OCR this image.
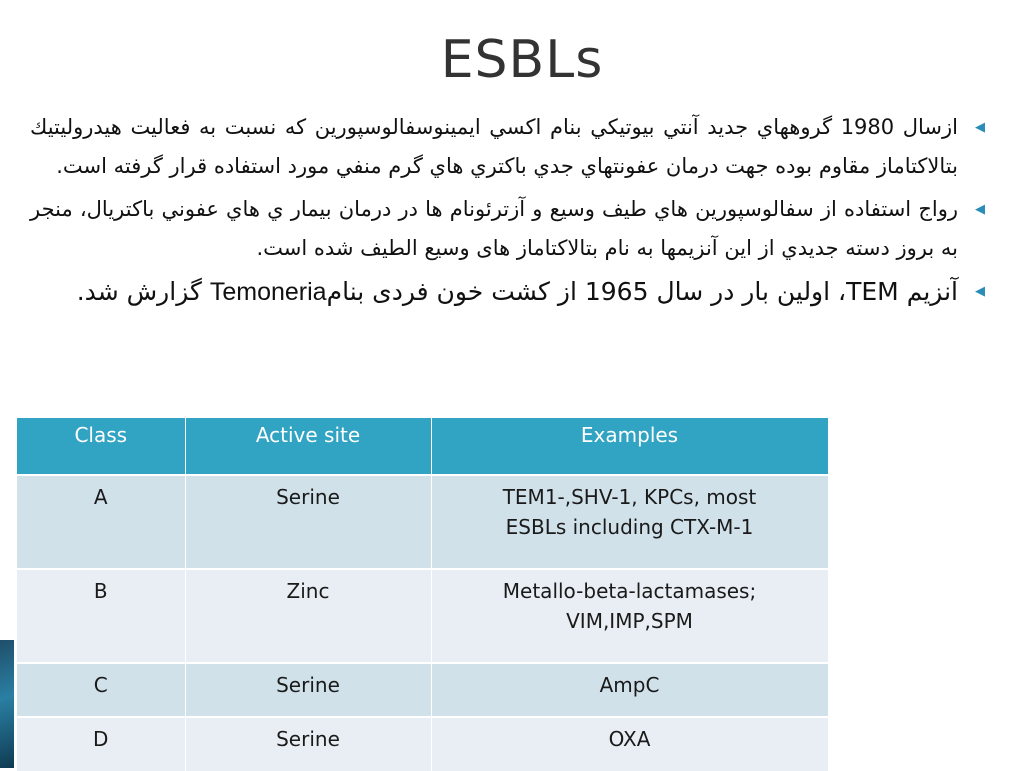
ESBLs
◀
ازسال 1980 گروههاي جديد آنتي بيوتيكي بنام اكسي ايمينوسفالوسپورين كه نسبت به فعاليت هيدروليتيك بتالاكتاماز مقاوم بوده جهت درمان عفونتهاي جدي باكتري هاي گرم منفي مورد استفاده قرار گرفته است.
◀
رواج استفاده از سفالوسپورين هاي طيف وسيع و آزترئونام ها در درمان بيمار ي هاي عفوني باكتريال، منجر به بروز دسته جديدي از اين آنزيمها به نام بتالاكتاماز های وسيع الطيف شده است.
◀
آنزيم TEM، اولين بار در سال 1965 از کشت خون فردی بنامTemoneria گزارش شد.
Class	Active site	Examples
A	Serine	TEM1-,SHV-1, KPCs, most
ESBLs including CTX-M-1

B	Zinc	Metallo-beta-lactamases;
VIM,IMP,SPM

C	Serine	AmpC
D	Serine	OXA
